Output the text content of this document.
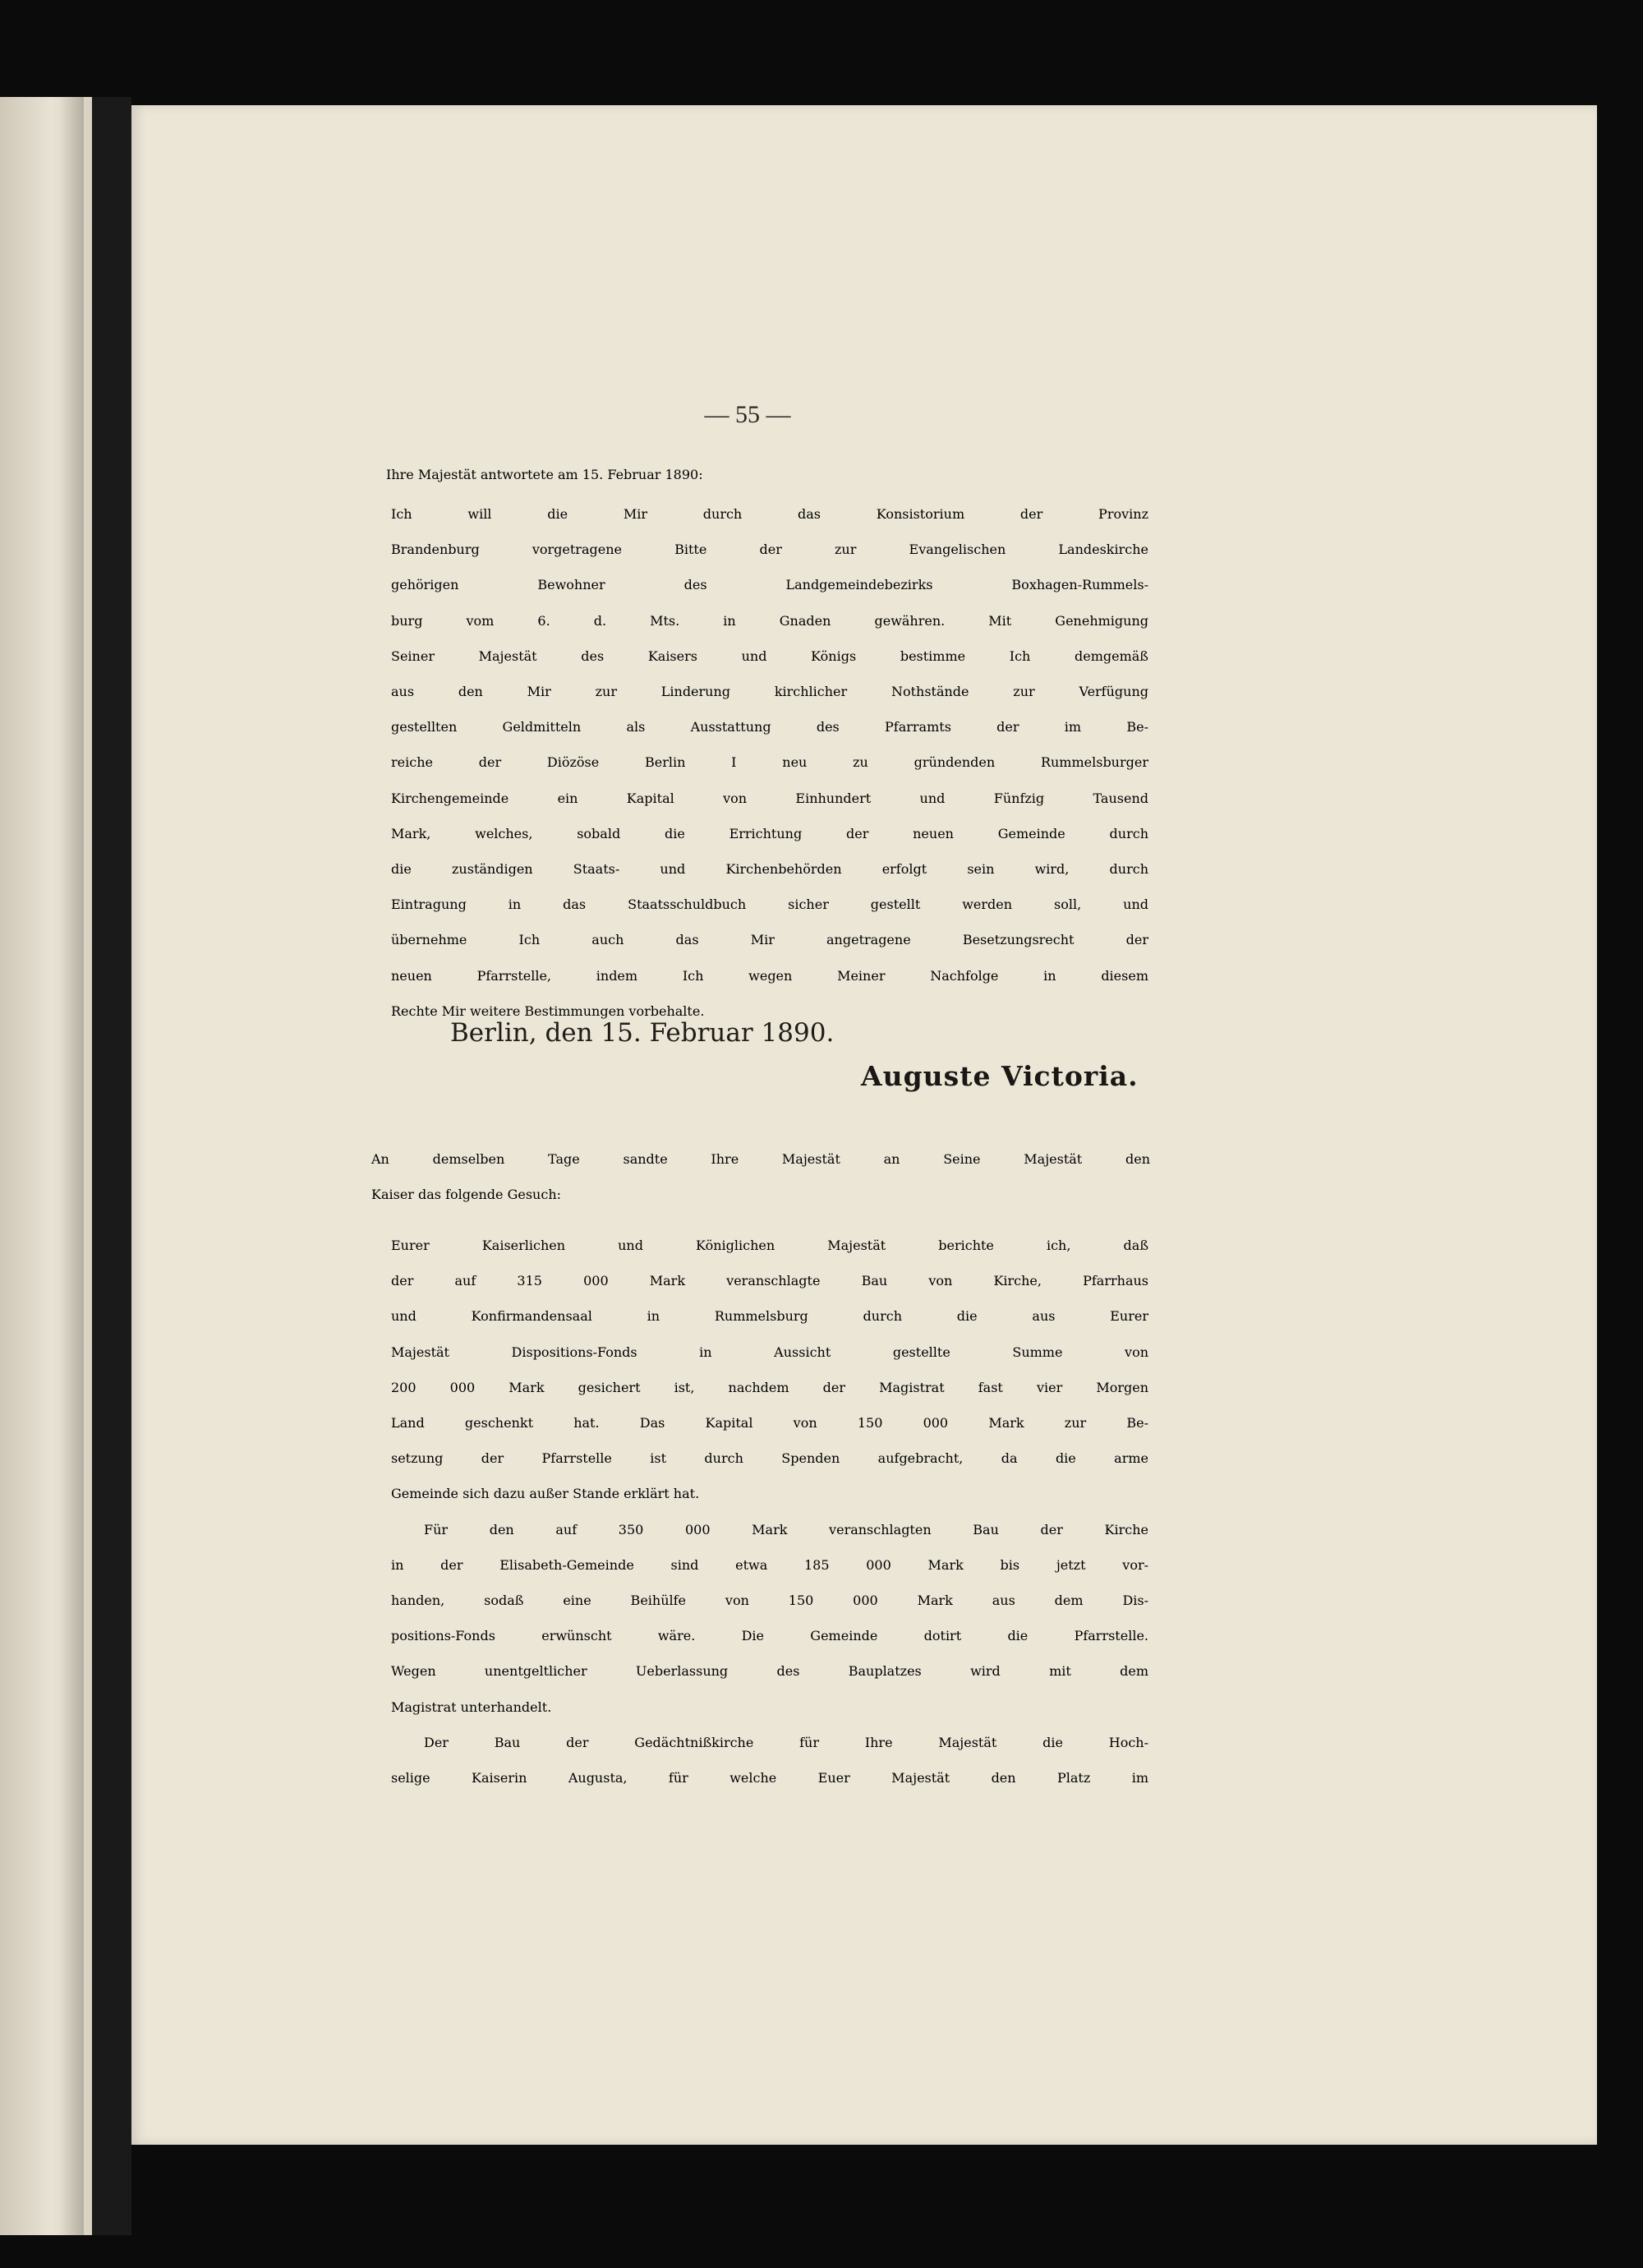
— 55 —

Ihre Majestät antwortete am 15. Februar 1890:

Ich will die Mir durch das Konsistorium der Provinz
Brandenburg vorgetragene Bitte der zur Evangelischen Landeskirche
gehörigen Bewohner des Landgemeindebezirks Boxhagen-Rummels-
burg vom 6. d. Mts. in Gnaden gewähren. Mit Genehmigung
Seiner Majestät des Kaisers und Königs bestimme Ich demgemäß
aus den Mir zur Linderung kirchlicher Nothstände zur Verfügung
gestellten Geldmitteln als Ausstattung des Pfarramts der im Be-
reiche der Diözöse Berlin I neu zu gründenden Rummelsburger
Kirchengemeinde ein Kapital von Einhundert und Fünfzig Tausend
Mark, welches, sobald die Errichtung der neuen Gemeinde durch
die zuständigen Staats- und Kirchenbehörden erfolgt sein wird, durch
Eintragung in das Staatsschuldbuch sicher gestellt werden soll, und
übernehme Ich auch das Mir angetragene Besetzungsrecht der
neuen Pfarrstelle, indem Ich wegen Meiner Nachfolge in diesem
Rechte Mir weitere Bestimmungen vorbehalte.

Berlin, den 15. Februar 1890.
Auguste Victoria.

An demselben Tage sandte Ihre Majestät an Seine Majestät den
Kaiser das folgende Gesuch:

Eurer Kaiserlichen und Königlichen Majestät berichte ich, daß
der auf 315 000 Mark veranschlagte Bau von Kirche, Pfarrhaus
und Konfirmandensaal in Rummelsburg durch die aus Eurer
Majestät Dispositions-Fonds in Aussicht gestellte Summe von
200 000 Mark gesichert ist, nachdem der Magistrat fast vier Morgen
Land geschenkt hat. Das Kapital von 150 000 Mark zur Be-
setzung der Pfarrstelle ist durch Spenden aufgebracht, da die arme
Gemeinde sich dazu außer Stande erklärt hat.
Für den auf 350 000 Mark veranschlagten Bau der Kirche
in der Elisabeth-Gemeinde sind etwa 185 000 Mark bis jetzt vor-
handen, sodaß eine Beihülfe von 150 000 Mark aus dem Dis-
positions-Fonds erwünscht wäre. Die Gemeinde dotirt die Pfarrstelle.
Wegen unentgeltlicher Ueberlassung des Bauplatzes wird mit dem
Magistrat unterhandelt.
Der Bau der Gedächtnißkirche für Ihre Majestät die Hoch-
selige Kaiserin Augusta, für welche Euer Majestät den Platz im
